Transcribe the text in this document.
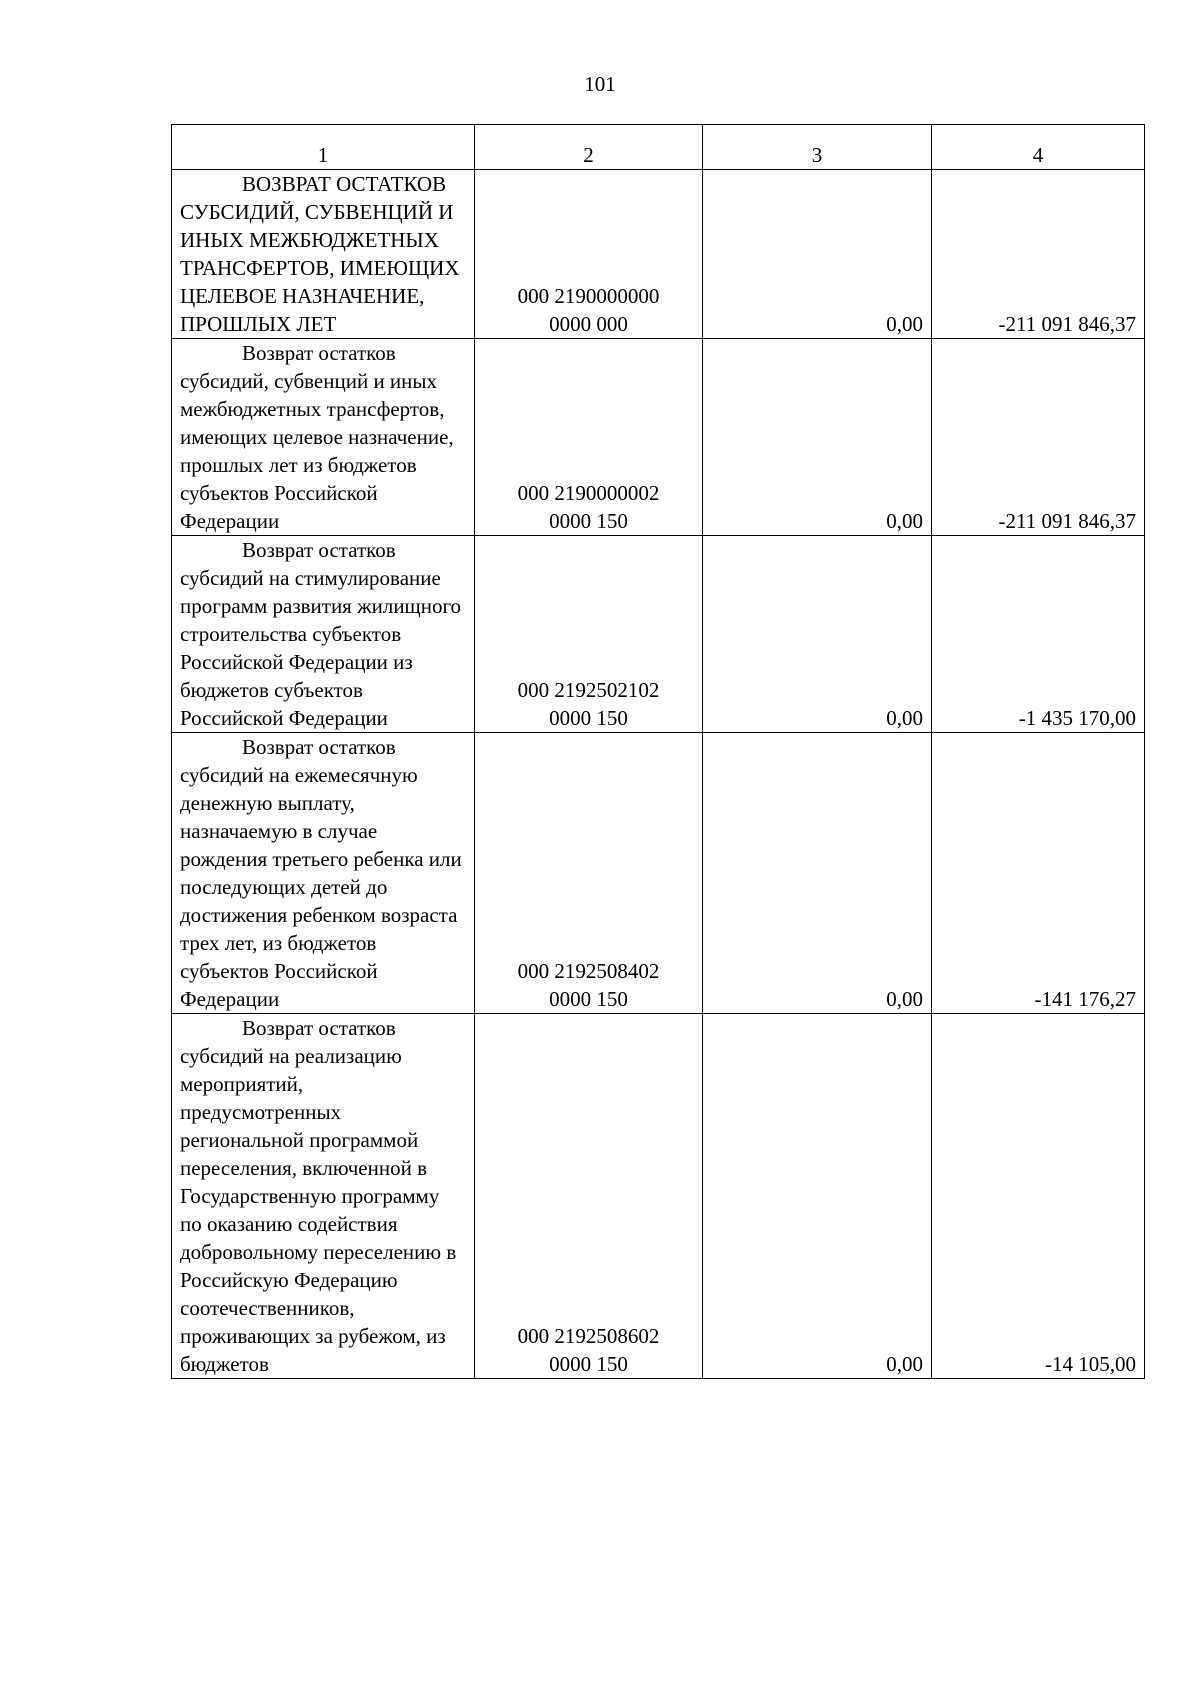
101
1	2	3	4

ВОЗВРАТ ОСТАТКОВ СУБСИДИЙ, СУБВЕНЦИЙ И ИНЫХ МЕЖБЮДЖЕТНЫХ ТРАНСФЕРТОВ, ИМЕЮЩИХ ЦЕЛЕВОЕ НАЗНАЧЕНИЕ, ПРОШЛЫХ ЛЕТ	000 2190000000
0000 000	0,00	-211 091 846,37

Возврат остатков субсидий, субвенций и иных межбюджетных трансфертов, имеющих целевое назначение, прошлых лет из бюджетов субъектов Российской Федерации	000 2190000002
0000 150	0,00	-211 091 846,37

Возврат остатков субсидий на стимулирование программ развития жилищного строительства субъектов Российской Федерации из бюджетов субъектов Российской Федерации	000 2192502102
0000 150	0,00	-1 435 170,00

Возврат остатков субсидий на ежемесячную денежную выплату, назначаемую в случае рождения третьего ребенка или последующих детей до достижения ребенком возраста трех лет, из бюджетов субъектов Российской Федерации	000 2192508402
0000 150	0,00	-141 176,27

Возврат остатков субсидий на реализацию мероприятий, предусмотренных региональной программой переселения, включенной в Государственную программу по оказанию содействия добровольному переселению в Российскую Федерацию соотечественников, проживающих за рубежом, из бюджетов	000 2192508602
0000 150	0,00	-14 105,00
